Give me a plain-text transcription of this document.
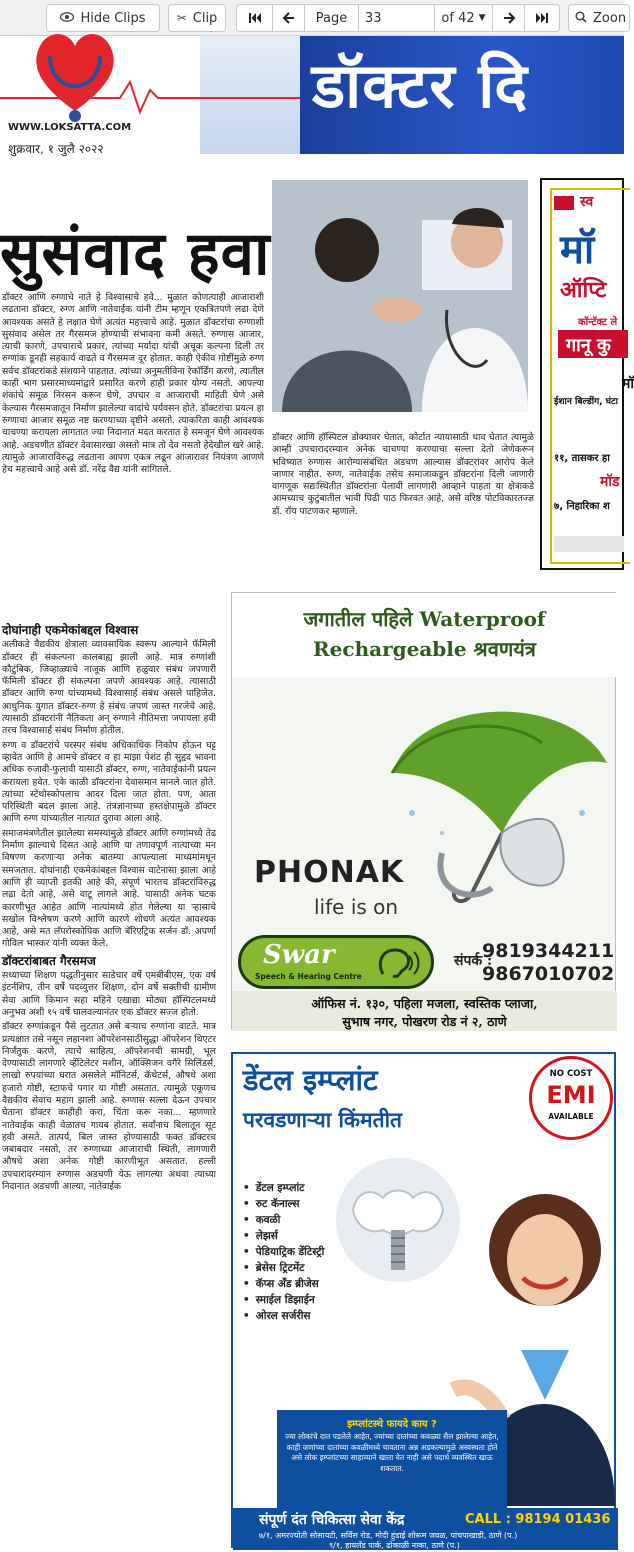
Hide Clips	✂ Clip	Page	33	of 42 ▼	Zoon
डॉक्टर दि
WWW.LOKSATTA.COM
शुक्रवार, १ जुलै २०२२
सुसंवाद हवा

डॉक्टर आणि रुग्णाचे नाते हे विश्वासाचे हवे... मुळात कोणत्याही आजाराशी लढताना डॉक्टर, रुग्ण आणि नातेवाईक यांनी टीम म्हणून एकत्रितपणे लढा देणे आवश्यक असते हे लक्षात घेणे अत्यंत महत्त्वाचे आहे. मुळात डॉक्टरांचा रुग्णाशी सुसंवाद असेल तर गैरसमज होण्याची संभावना कमी असते. रुग्णास आजार, त्याची कारणे, उपचाराचे प्रकार, त्यांच्या मर्यादा यांची अचूक कल्पना दिली तर रुग्णांक डूनही सहकार्य वाढते व गैरसमज दूर होतात. काही ऐकीव गोष्टींमुळे रुग्ण सर्वच डॉक्टरांकडे संशयाने पाहतात. त्यांच्या अनुमतीविना रेकॉर्डिंग करणे, त्यातील काही भाग प्रसारमाध्यमांद्वारे प्रसारित करणे हाही प्रकार योग्य नसतो. आपल्या शंकांचे समूळ निरसन करून घेणे, उपचार व आजाराची माहिती घेणे असे केल्यास गैरसमजातून निर्माण झालेल्या वादांचे पर्यवसन होते. डॉक्टरांचा प्रयत्न हा रुग्णाचा आजार समूळ नष्ट करण्याच्या दृष्टीने असतो. त्याकरिता काही आवश्यक चाचण्या करायला लागतात ज्या निदानात मदत करतात हे समजून घेणे आवश्यक आहे. अडचणीत डॉक्टर देवासारखा असतो मात्र तो देव नसतो हेदेखील खरे आहे. त्यामुळे आजाराविरुद्ध लढताना आपण एकत्र लढून आजारावर नियंत्रण आणणे हेच महत्त्वाचे आहे असे डॉ. नरेंद्र वैद्य यांनी सांगितले.

डॉक्टर आणि हॉस्पिटल डोक्यावर घेतात, कोर्टात न्यायासाठी धाव घेतात त्यामुळे आम्ही उपचारादरम्यान अनेक चाचण्या करण्याचा सल्ला देतो जेणेकरून भविष्यात रुग्णास आरोग्यासंबंधित अडचण आल्यास डॉक्टरांवर आरोप केले जाणार नाहीत. रुग्ण, नातेवाईक तसेच समाजाकडून डॉक्टरांना दिली जाणारी वागणूक सद्यःस्थितीत डॉक्टरांना पेलावी लागणारी आव्हाने पाहता या क्षेत्राकडे आमच्याच कुटुंबातील भावी पिढी पाठ फिरवत आहे, असे वरिष्ठ पोटविकारतज्ज्ञ डॉ. रॉय पाटणकर म्हणाले.

दोघांनाही एकमेकांबद्दल विश्वास

अलीकडे वैद्यकीय क्षेत्राला व्यावसायिक स्वरूप आल्याने फॅमिली डॉक्टर ही संकल्पना कालबाह्य झाली आहे. मात्र रुग्णांशी कौटुंबिक, जिव्हाळ्याचे नाजूक आणि हळुवार संबंध जपणारी फॅमिली डॉक्टर ही संकल्पना जपणे आवश्यक आहे. त्यासाठी डॉक्टर आणि रुग्ण यांच्यामध्ये विश्वासार्ह संबंध असले पाहिजेत. आधुनिक युगात डॉक्टर-रुग्ण हे संबंध जपणं जास्त गरजेचे आहे. त्यासाठी डॉक्टरांनी नैतिकता अन् रुग्णाने नीतिमत्ता जपायला हवी तरच विश्वासार्ह संबंध निर्माण होतील.

रुग्ण व डॉक्टरांचे परस्पर संबंध अधिकाधिक निकोप होऊन घट्ट व्हावेत आणि हे आमचे डॉक्टर व हा माझा पेशंट ही सुहृद भावना अधिक रुजावी-फुलावी यासाठी डॉक्टर, रुग्ण, नातेवाईकांनी प्रयत्न करायला हवेत. एके काळी डॉक्टरांना देवासमान मानले जात होते. त्यांच्या स्टेथोस्कोपलाच आदर दिला जात होता. पण, आता परिस्थिती बदल झाला आहे. तंत्रज्ञानाच्या हस्तक्षेपामुळे डॉक्टर आणि रुग्ण यांच्यातील नात्यात दुरावा आला आहे.

समाजमंत्रणेतील झालेल्या समस्यांमुळे डॉक्टर आणि रुग्णांमध्ये तेढ निर्माण झाल्याचे दिसत आहे आणि या तणावपूर्ण नात्याच्या मन विषण्ण करणाऱ्या अनेक बातम्या आपल्याला माध्यमांमधून समजतात. दोघांनाही एकमेकांबद्दल विश्वास वाटेनासा झाला आहे आणि ही व्याप्ती इतकी आहे की, संपूर्ण भारतच डॉक्टरांविरुद्ध लढा देतो आहे, असे वाटू लागले आहे. यासाठी अनेक घटक कारणीभूत आहेत आणि नात्यांमध्ये होत गेलेल्या या ऱ्हासाचे सखोल विश्लेषण करणे आणि कारणे शोधणे अत्यंत आवश्यक आहे, असे मत लॅपरोस्कोपिक आणि बॅरिएट्रिक सर्जन डॉ. अपर्णा गोविल भास्कर यांनी व्यक्त केले.

डॉक्टरांबाबत गैरसमज

सध्याच्या शिक्षण पद्धतीनुसार साडेचार वर्षे एमबीबीएस, एक वर्ष इंटर्नशिप, तीन वर्षे पदव्युत्तर शिक्षण, दोन वर्षे सक्तीची ग्रामीण सेवा आणि किमान सहा महिने एखाद्या मोठ्या हॉस्पिटलमध्ये अनुभव अशी १५ वर्षे घालवल्यानंतर एक डॉक्टर सज्ज होतो.

डॉक्टर रुग्णांकडून पैसे लुटतात असे बऱ्याच रुग्णांना वाटते. मात्र प्रत्यक्षात तसे नसून लहानशा ऑपरेशनसाठीसुद्धा ऑपरेशन थिएटर निर्जंतुक करणे, त्याचे साहित्य, ऑपरेशनची सामग्री, भूल देण्यासाठी लागणारे व्हेंटिलेटर मशीन, ऑक्सिजन वगैरे सिलिंडर्स, लाखो रुपयांच्या घरात असलेले मॉनिटर्स, कॅथेटर्स, औषधे अशा हजारो गोष्टी, स्टाफचे पगार या गोष्टी असतात. त्यामुळे एकूणच वैद्यकीय सेवाच महाग झाली आहे. रुग्णास सल्ला देऊन उपचार घेताना डॉक्टर काहीही करा, चिंता करू नका... म्हणणारे नातेवाईक काही वेळातच गायब होतात. सर्वांनाच बिलातून सूट हवी असते. तात्पर्य, बिल जास्त होण्यासाठी फक्त डॉक्टरच जबाबदार नसतो, तर रुग्णाच्या आजाराची स्थिती, लागणारी औषधे अशा अनेक गोष्टी कारणीभूत असतात. हल्ली उपचारादरम्यान रुग्णास अडचणी येऊ लागल्या अथवा त्याच्या निदानात अडचणी आल्या, नातेवाईक

स्व
मॉ
ऑप्टि
कॉन्टॅक्ट ले
गानू कु
मॉ
ईशान बिल्डींग, घंटा
११, तासकर हा
मॉड
७, निहारिका श
जगातील पहिले Waterproof
Rechargeable श्रवणयंत्र
PHONAK
life is on
Swar
Speech & Hearing Centre
संपर्क :
9819344211
9867010702
ऑफिस नं. १३०, पहिला मजला, स्वस्तिक प्लाजा,
सुभाष नगर, पोखरण रोड नं २, ठाणे
डेंटल इम्प्लांट
परवडणाऱ्या किंमतीत
NO COST
EMI
AVAILABLE
• डेंटल इम्प्लांट
• रुट कॅनाल्स
• कवळी
• लेझर्स
• पेडियाट्रिक डेंटिस्ट्री
• ब्रेसेस ट्रिटमेंट
• कॅप्स अँड ब्रीजेस
• स्माईल डिझाईन
• ओरल सर्जरीस
इम्प्लांटस्चे फायदे काय ?
ज्या लोकांचे दात पडलेले आहेत, ज्यांच्या दातांच्या कवळ्या सैल झालेल्या आहेत, काही जणांच्या दातांच्या कवळीमध्ये चावताना अन्न अडकल्यामुळे अस्वस्थता होते असे लोक इम्प्लांटच्या साहाय्याने खाता येत नाही असे पदार्थ व्यवस्थित खाऊ शकतात.
संपूर्ण दंत चिकित्सा सेवा केंद्र	CALL : 98194 01436
७/१, अमरज्योती सोसायटी, सर्विस रोड, मोदी हुंडाई शोरूम जवळ, पांचपाखाडी, ठाणे (प.)
९/१, हायलँड पार्क, ढोकाळी नाका, ठाणे (प.)
